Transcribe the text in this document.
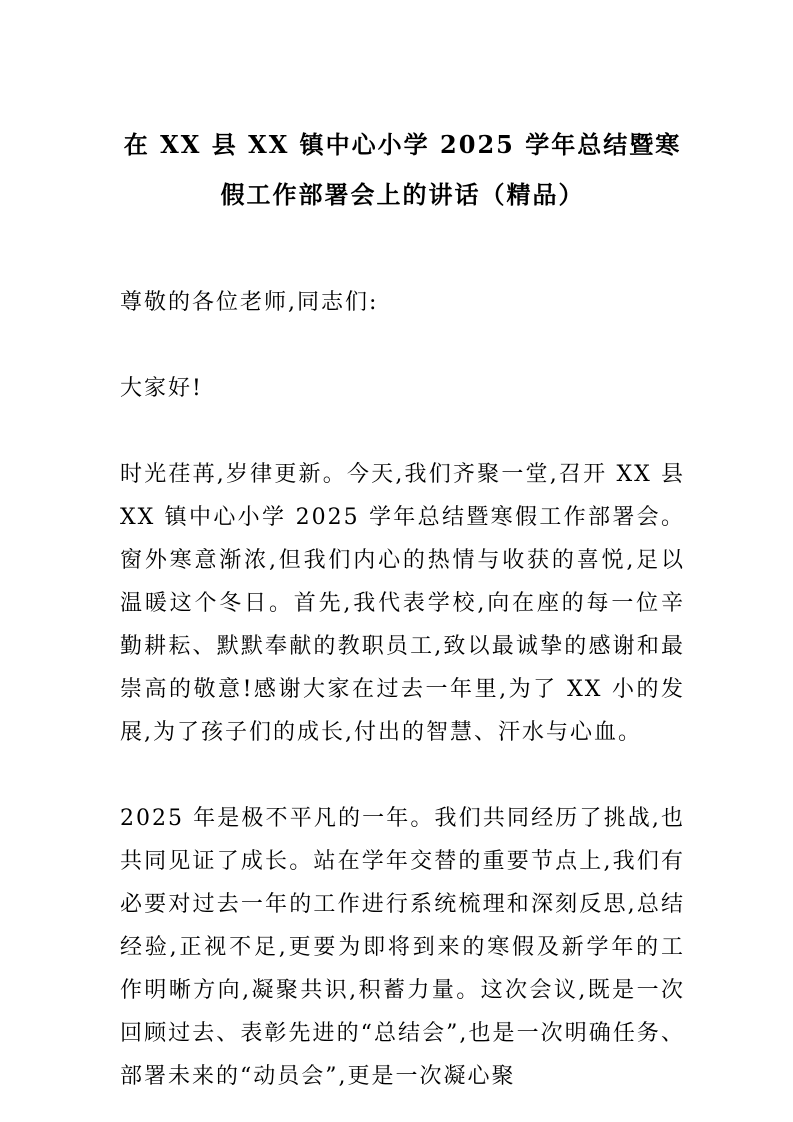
在 XX 县 XX 镇中心小学 2025 学年总结暨寒假工作部署会上的讲话（精品）

尊敬的各位老师,同志们:

大家好!

时光荏苒,岁律更新。今天,我们齐聚一堂,召开 XX 县 XX 镇中心小学 2025 学年总结暨寒假工作部署会。窗外寒意渐浓,但我们内心的热情与收获的喜悦,足以温暖这个冬日。首先,我代表学校,向在座的每一位辛勤耕耘、默默奉献的教职员工,致以最诚挚的感谢和最崇高的敬意!感谢大家在过去一年里,为了 XX 小的发展,为了孩子们的成长,付出的智慧、汗水与心血。

2025 年是极不平凡的一年。我们共同经历了挑战,也共同见证了成长。站在学年交替的重要节点上,我们有必要对过去一年的工作进行系统梳理和深刻反思,总结经验,正视不足,更要为即将到来的寒假及新学年的工作明晰方向,凝聚共识,积蓄力量。这次会议,既是一次回顾过去、表彰先进的“总结会”,也是一次明确任务、部署未来的“动员会”,更是一次凝心聚
